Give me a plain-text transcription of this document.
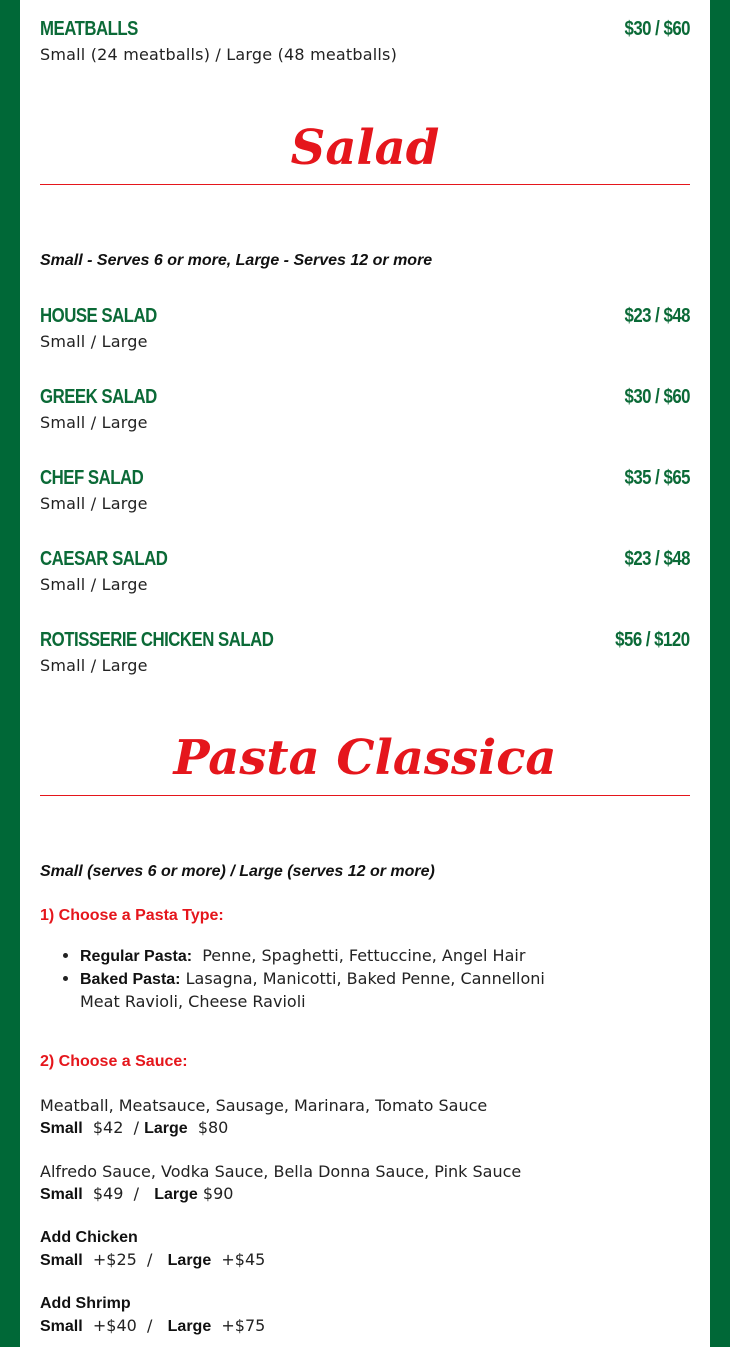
MEATBALLS	$30 / $60
Small (24 meatballs) / Large (48 meatballs)
Salad
Small - Serves 6 or more, Large - Serves 12 or more
HOUSE SALAD	$23 / $48
Small / Large
GREEK SALAD	$30 / $60
Small / Large
CHEF SALAD	$35 / $65
Small / Large
CAESAR SALAD	$23 / $48
Small / Large
ROTISSERIE CHICKEN SALAD	$56 / $120
Small / Large
Pasta Classica
Small (serves 6 or more) / Large (serves 12 or more)
1) Choose a Pasta Type:
• Regular Pasta:  Penne, Spaghetti, Fettuccine, Angel Hair
• Baked Pasta: Lasagna, Manicotti, Baked Penne, Cannelloni
Meat Ravioli, Cheese Ravioli
2) Choose a Sauce:
Meatball, Meatsauce, Sausage, Marinara, Tomato Sauce
Small $42 / Large $80
Alfredo Sauce, Vodka Sauce, Bella Donna Sauce, Pink Sauce
Small $49 / Large $90
Add Chicken
Small +$25 / Large +$45
Add Shrimp
Small +$40 / Large +$75
